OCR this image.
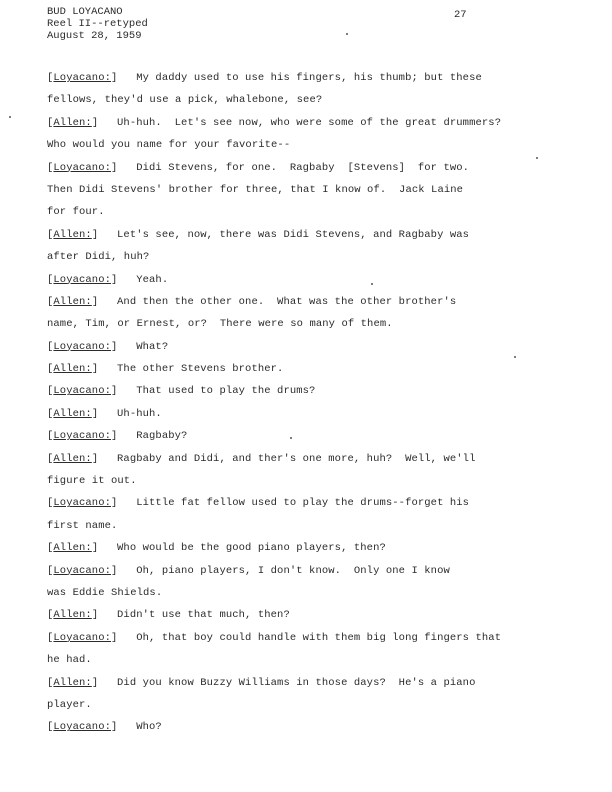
BUD LOYACANO
Reel II--retyped
August 28, 1959
27
[Loyacano:] My daddy used to use his fingers, his thumb; but these
fellows, they'd use a pick, whalebone, see?
[Allen:] Uh-huh.  Let's see now, who were some of the great drummers?
Who would you name for your favorite--
[Loyacano:] Didi Stevens, for one.  Ragbaby  [Stevens]  for two.
Then Didi Stevens' brother for three, that I know of.  Jack Laine
for four.
[Allen:] Let's see, now, there was Didi Stevens, and Ragbaby was
after Didi, huh?
[Loyacano:] Yeah.
[Allen:] And then the other one.  What was the other brother's
name, Tim, or Ernest, or?  There were so many of them.
[Loyacano:] What?
[Allen:] The other Stevens brother.
[Loyacano:] That used to play the drums?
[Allen:] Uh-huh.
[Loyacano:] Ragbaby?
[Allen:] Ragbaby and Didi, and ther's one more, huh?  Well, we'll
figure it out.
[Loyacano:] Little fat fellow used to play the drums--forget his
first name.
[Allen:] Who would be the good piano players, then?
[Loyacano:] Oh, piano players, I don't know.  Only one I know
was Eddie Shields.
[Allen:] Didn't use that much, then?
[Loyacano:] Oh, that boy could handle with them big long fingers that
he had.
[Allen:] Did you know Buzzy Williams in those days?  He's a piano
player.
[Loyacano:] Who?
